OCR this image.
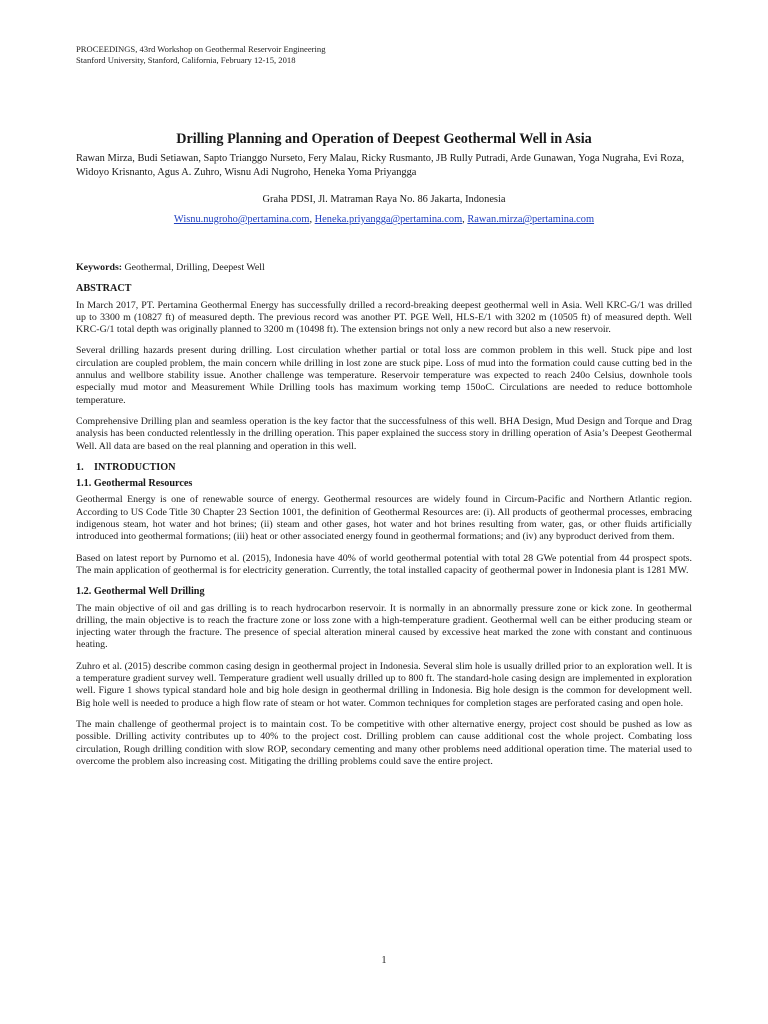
PROCEEDINGS, 43rd Workshop on Geothermal Reservoir Engineering
Stanford University, Stanford, California, February 12-15, 2018
Drilling Planning and Operation of Deepest Geothermal Well in Asia
Rawan Mirza, Budi Setiawan, Sapto Trianggo Nurseto, Fery Malau, Ricky Rusmanto, JB Rully Putradi, Arde Gunawan, Yoga Nugraha, Evi Roza, Widoyo Krisnanto, Agus A. Zuhro, Wisnu Adi Nugroho, Heneka Yoma Priyangga
Graha PDSI, Jl. Matraman Raya No. 86 Jakarta, Indonesia
Wisnu.nugroho@pertamina.com, Heneka.priyangga@pertamina.com, Rawan.mirza@pertamina.com
Keywords: Geothermal, Drilling, Deepest Well
ABSTRACT

In March 2017, PT. Pertamina Geothermal Energy has successfully drilled a record-breaking deepest geothermal well in Asia. Well KRC-G/1 was drilled up to 3300 m (10827 ft) of measured depth. The previous record was another PT. PGE Well, HLS-E/1 with 3202 m (10505 ft) of measured depth. Well KRC-G/1 total depth was originally planned to 3200 m (10498 ft). The extension brings not only a new record but also a new reservoir.

Several drilling hazards present during drilling. Lost circulation whether partial or total loss are common problem in this well. Stuck pipe and lost circulation are coupled problem, the main concern while drilling in lost zone are stuck pipe. Loss of mud into the formation could cause cutting bed in the annulus and wellbore stability issue. Another challenge was temperature. Reservoir temperature was expected to reach 240o Celsius, downhole tools especially mud motor and Measurement While Drilling tools has maximum working temp 150oC. Circulations are needed to reduce bottomhole temperature.

Comprehensive Drilling plan and seamless operation is the key factor that the successfulness of this well. BHA Design, Mud Design and Torque and Drag analysis has been conducted relentlessly in the drilling operation. This paper explained the success story in drilling operation of Asia’s Deepest Geothermal Well. All data are based on the real planning and operation in this well.

1. INTRODUCTION
1.1. Geothermal Resources

Geothermal Energy is one of renewable source of energy. Geothermal resources are widely found in Circum-Pacific and Northern Atlantic region. According to US Code Title 30 Chapter 23 Section 1001, the definition of Geothermal Resources are: (i). All products of geothermal processes, embracing indigenous steam, hot water and hot brines; (ii) steam and other gases, hot water and hot brines resulting from water, gas, or other fluids artificially introduced into geothermal formations; (iii) heat or other associated energy found in geothermal formations; and (iv) any byproduct derived from them.

Based on latest report by Purnomo et al. (2015), Indonesia have 40% of world geothermal potential with total 28 GWe potential from 44 prospect spots. The main application of geothermal is for electricity generation. Currently, the total installed capacity of geothermal power in Indonesia plant is 1281 MW.

1.2. Geothermal Well Drilling

The main objective of oil and gas drilling is to reach hydrocarbon reservoir. It is normally in an abnormally pressure zone or kick zone. In geothermal drilling, the main objective is to reach the fracture zone or loss zone with a high-temperature gradient. Geothermal well can be either producing steam or injecting water through the fracture. The presence of special alteration mineral caused by excessive heat marked the zone with constant and continuous heating.

Zuhro et al. (2015) describe common casing design in geothermal project in Indonesia. Several slim hole is usually drilled prior to an exploration well. It is a temperature gradient survey well. Temperature gradient well usually drilled up to 800 ft. The standard-hole casing design are implemented in exploration well. Figure 1 shows typical standard hole and big hole design in geothermal drilling in Indonesia. Big hole design is the common for development well. Big hole well is needed to produce a high flow rate of steam or hot water. Common techniques for completion stages are perforated casing and open hole.

The main challenge of geothermal project is to maintain cost. To be competitive with other alternative energy, project cost should be pushed as low as possible. Drilling activity contributes up to 40% to the project cost. Drilling problem can cause additional cost the whole project. Combating loss circulation, Rough drilling condition with slow ROP, secondary cementing and many other problems need additional operation time. The material used to overcome the problem also increasing cost. Mitigating the drilling problems could save the entire project.

1
